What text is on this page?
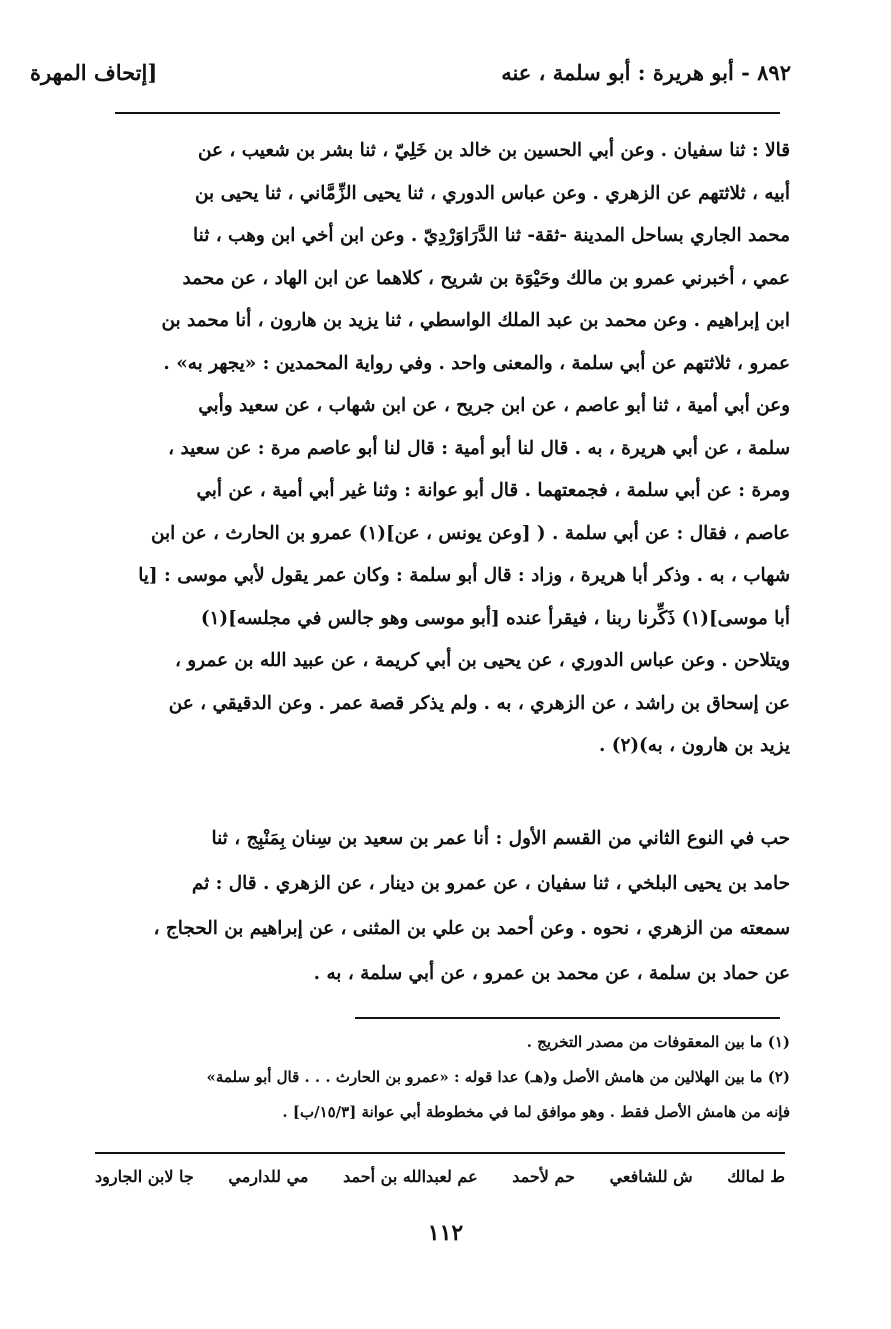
٨٩٢ - أبو هريرة : أبو سلمة ، عنه
[إتحاف المهرة

قالا : ثنا سفيان . وعن أبي الحسين بن خالد بن خَلِيّ ، ثنا بشر بن شعيب ، عن

أبيه ، ثلاثتهم عن الزهري . وعن عباس الدوري ، ثنا يحيى الزِّمَّاني ، ثنا يحيى بن

محمد الجاري بساحل المدينة -ثقة- ثنا الدَّرَاوَرْدِيّ . وعن ابن أخي ابن وهب ، ثنا

عمي ، أخبرني عمرو بن مالك وحَيْوَة بن شريح ، كلاهما عن ابن الهاد ، عن محمد

ابن إبراهيم . وعن محمد بن عبد الملك الواسطي ، ثنا يزيد بن هارون ، أنا محمد بن

عمرو ، ثلاثتهم عن أبي سلمة ، والمعنى واحد . وفي رواية المحمدين : «يجهر به» .

وعن أبي أمية ، ثنا أبو عاصم ، عن ابن جريح ، عن ابن شهاب ، عن سعيد وأبي

سلمة ، عن أبي هريرة ، به . قال لنا أبو أمية : قال لنا أبو عاصم مرة : عن سعيد ،

ومرة : عن أبي سلمة ، فجمعتهما . قال أبو عوانة : وثنا غير أبي أمية ، عن أبي

عاصم ، فقال : عن أبي سلمة . ( [وعن يونس ، عن](١) عمرو بن الحارث ، عن ابن

شهاب ، به . وذكر أبا هريرة ، وزاد : قال أبو سلمة : وكان عمر يقول لأبي موسى : [يا

أبا موسى](١) ذَكِّرنا ربنا ، فيقرأ عنده [أبو موسى وهو جالس في مجلسه](١)

ويتلاحن . وعن عباس الدوري ، عن يحيى بن أبي كريمة ، عن عبيد الله بن عمرو ،

عن إسحاق بن راشد ، عن الزهري ، به . ولم يذكر قصة عمر . وعن الدقيقي ، عن

يزيد بن هارون ، به)(٢) .

حب في النوع الثاني من القسم الأول : أنا عمر بن سعيد بن سِنان بِمَنْبِج ، ثنا

حامد بن يحيى البلخي ، ثنا سفيان ، عن عمرو بن دينار ، عن الزهري . قال : ثم

سمعته من الزهري ، نحوه . وعن أحمد بن علي بن المثنى ، عن إبراهيم بن الحجاج ،

عن حماد بن سلمة ، عن محمد بن عمرو ، عن أبي سلمة ، به .

(١) ما بين المعقوفات من مصدر التخريج .

(٢) ما بين الهلالين من هامش الأصل و(هـ) عدا قوله : «عمرو بن الحارث . . . قال أبو سلمة»

فإنه من هامش الأصل فقط . وهو موافق لما في مخطوطة أبي عوانة [١٥/٣/ب] .

ط لمالك
ش للشافعي
حم لأحمد
عم لعبدالله بن أحمد
مي للدارمي
جا لابن الجارود
١١٢
